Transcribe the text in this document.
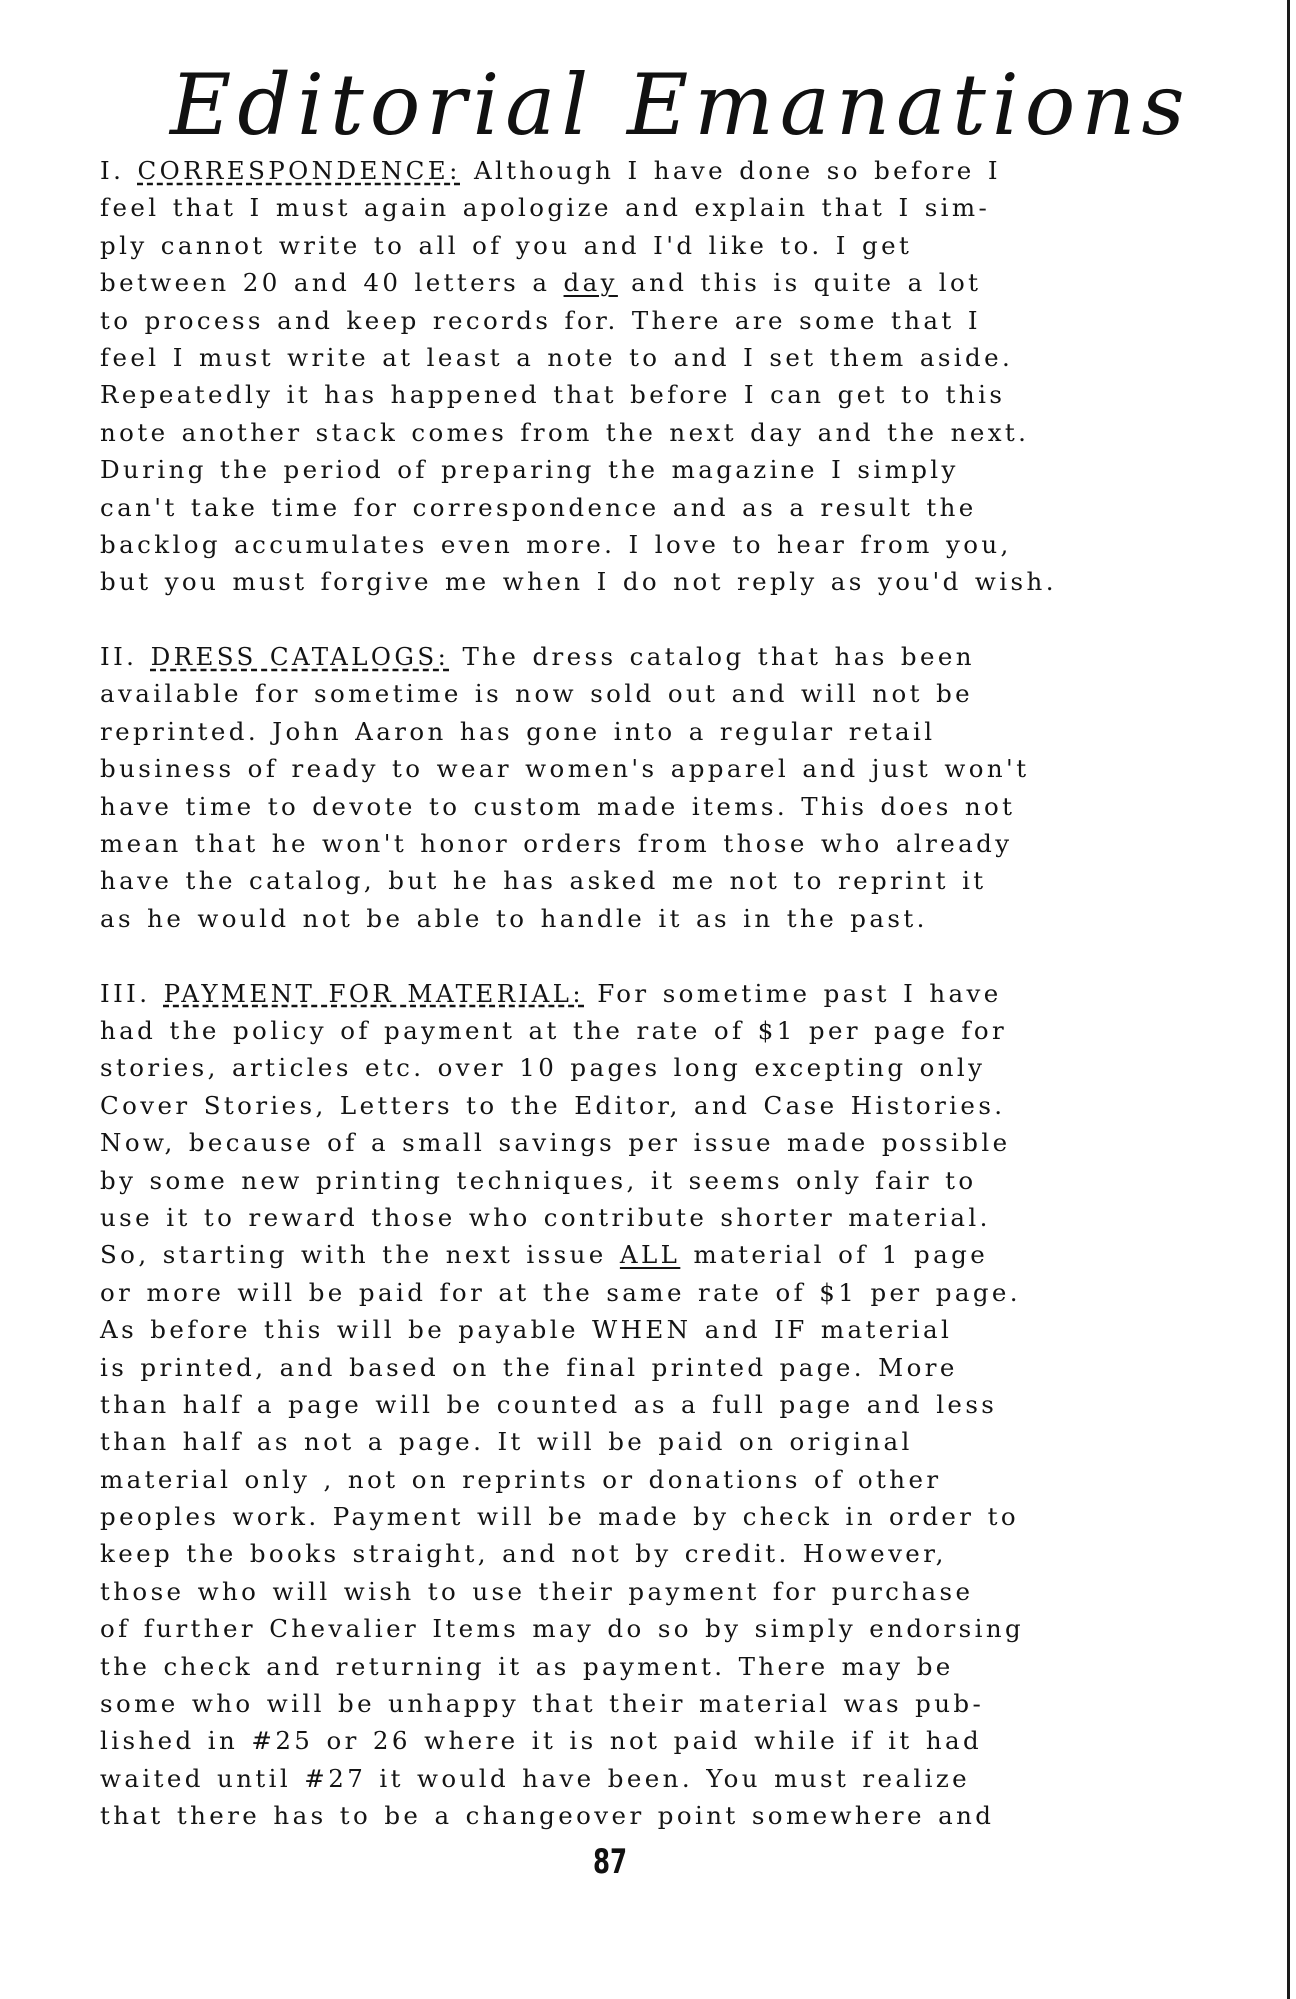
Editorial Emanations
I. CORRESPONDENCE: Although I have done so before I
feel that I must again apologize and explain that I sim-
ply cannot write to all of you and I'd like to. I get
between 20 and 40 letters a day and this is quite a lot
to process and keep records for. There are some that I
feel I must write at least a note to and I set them aside.
Repeatedly it has happened that before I can get to this
note another stack comes from the next day and the next.
During the period of preparing the magazine I simply
can't take time for correspondence and as a result the
backlog accumulates even more. I love to hear from you,
but you must forgive me when I do not reply as you'd wish.
II. DRESS CATALOGS: The dress catalog that has been
available for sometime is now sold out and will not be
reprinted. John Aaron has gone into a regular retail
business of ready to wear women's apparel and just won't
have time to devote to custom made items. This does not
mean that he won't honor orders from those who already
have the catalog, but he has asked me not to reprint it
as he would not be able to handle it as in the past.
III. PAYMENT FOR MATERIAL: For sometime past I have
had the policy of payment at the rate of $1 per page for
stories, articles etc. over 10 pages long excepting only
Cover Stories, Letters to the Editor, and Case Histories.
Now, because of a small savings per issue made possible
by some new printing techniques, it seems only fair to
use it to reward those who contribute shorter material.
So, starting with the next issue ALL material of 1 page
or more will be paid for at the same rate of $1 per page.
As before this will be payable WHEN and IF material
is printed, and based on the final printed page. More
than half a page will be counted as a full page and less
than half as not a page. It will be paid on original
material only , not on reprints or donations of other
peoples work. Payment will be made by check in order to
keep the books straight, and not by credit. However,
those who will wish to use their payment for purchase
of further Chevalier Items may do so by simply endorsing
the check and returning it as payment. There may be
some who will be unhappy that their material was pub-
lished in #25 or 26 where it is not paid while if it had
waited until #27 it would have been. You must realize
that there has to be a changeover point somewhere and
87
